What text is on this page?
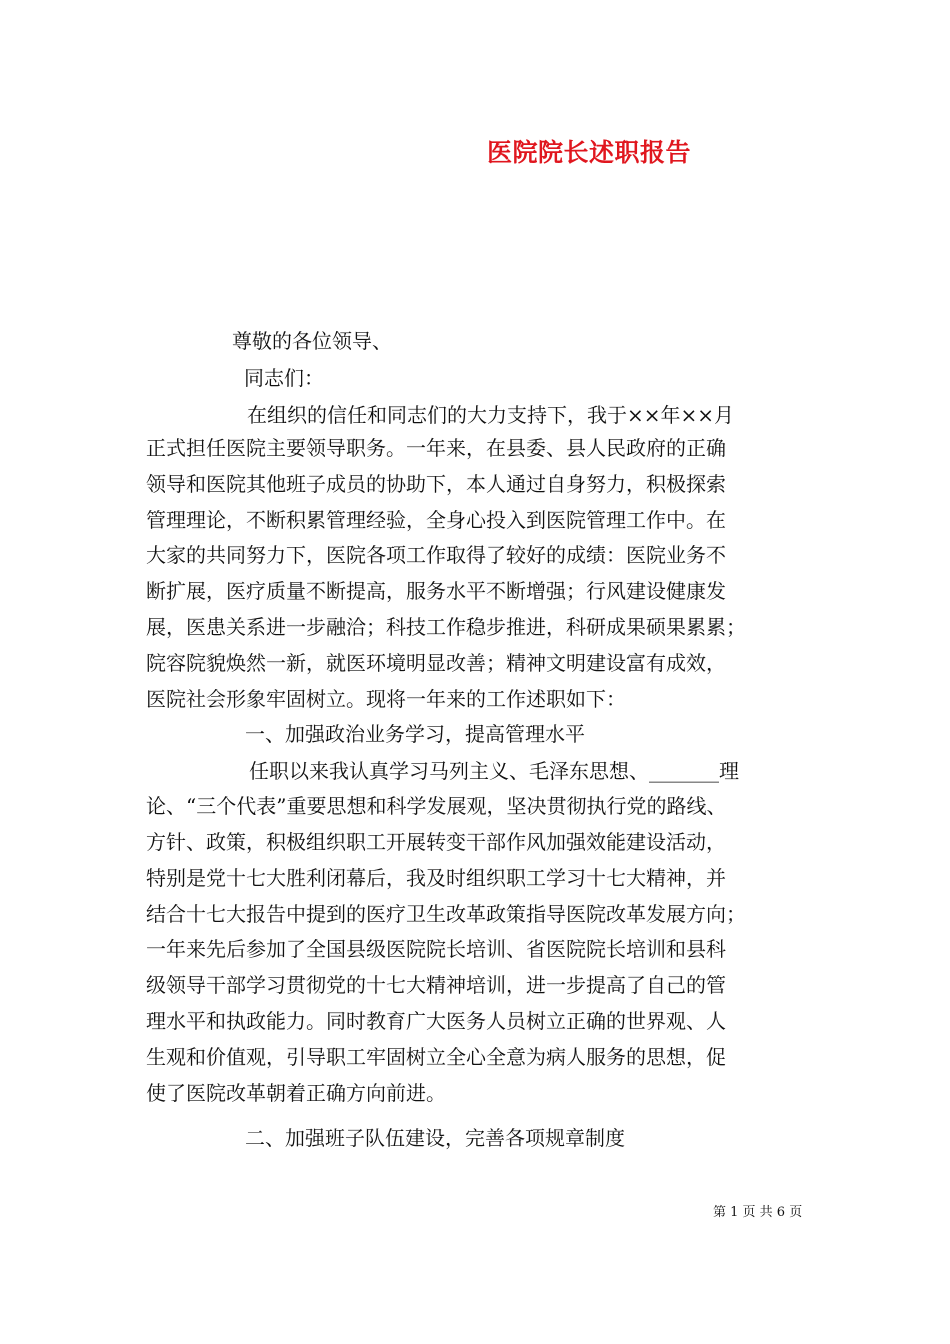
医院院长述职报告
尊敬的各位领导、
同志们：
在组织的信任和同志们的大力支持下，我于××年××月
正式担任医院主要领导职务。一年来，在县委、县人民政府的正确
领导和医院其他班子成员的协助下，本人通过自身努力，积极探索
管理理论，不断积累管理经验，全身心投入到医院管理工作中。在
大家的共同努力下，医院各项工作取得了较好的成绩：医院业务不
断扩展，医疗质量不断提高，服务水平不断增强；行风建设健康发
展，医患关系进一步融洽；科技工作稳步推进，科研成果硕果累累；
院容院貌焕然一新，就医环境明显改善；精神文明建设富有成效，
医院社会形象牢固树立。现将一年来的工作述职如下：
一、加强政治业务学习，提高管理水平
任职以来我认真学习马列主义、毛泽东思想、_______理
论、“三个代表”重要思想和科学发展观，坚决贯彻执行党的路线、
方针、政策，积极组织职工开展转变干部作风加强效能建设活动，
特别是党十七大胜利闭幕后，我及时组织职工学习十七大精神，并
结合十七大报告中提到的医疗卫生改革政策指导医院改革发展方向；
一年来先后参加了全国县级医院院长培训、省医院院长培训和县科
级领导干部学习贯彻党的十七大精神培训，进一步提高了自己的管
理水平和执政能力。同时教育广大医务人员树立正确的世界观、人
生观和价值观，引导职工牢固树立全心全意为病人服务的思想，促
使了医院改革朝着正确方向前进。
二、加强班子队伍建设，完善各项规章制度
第 1 页 共 6 页
